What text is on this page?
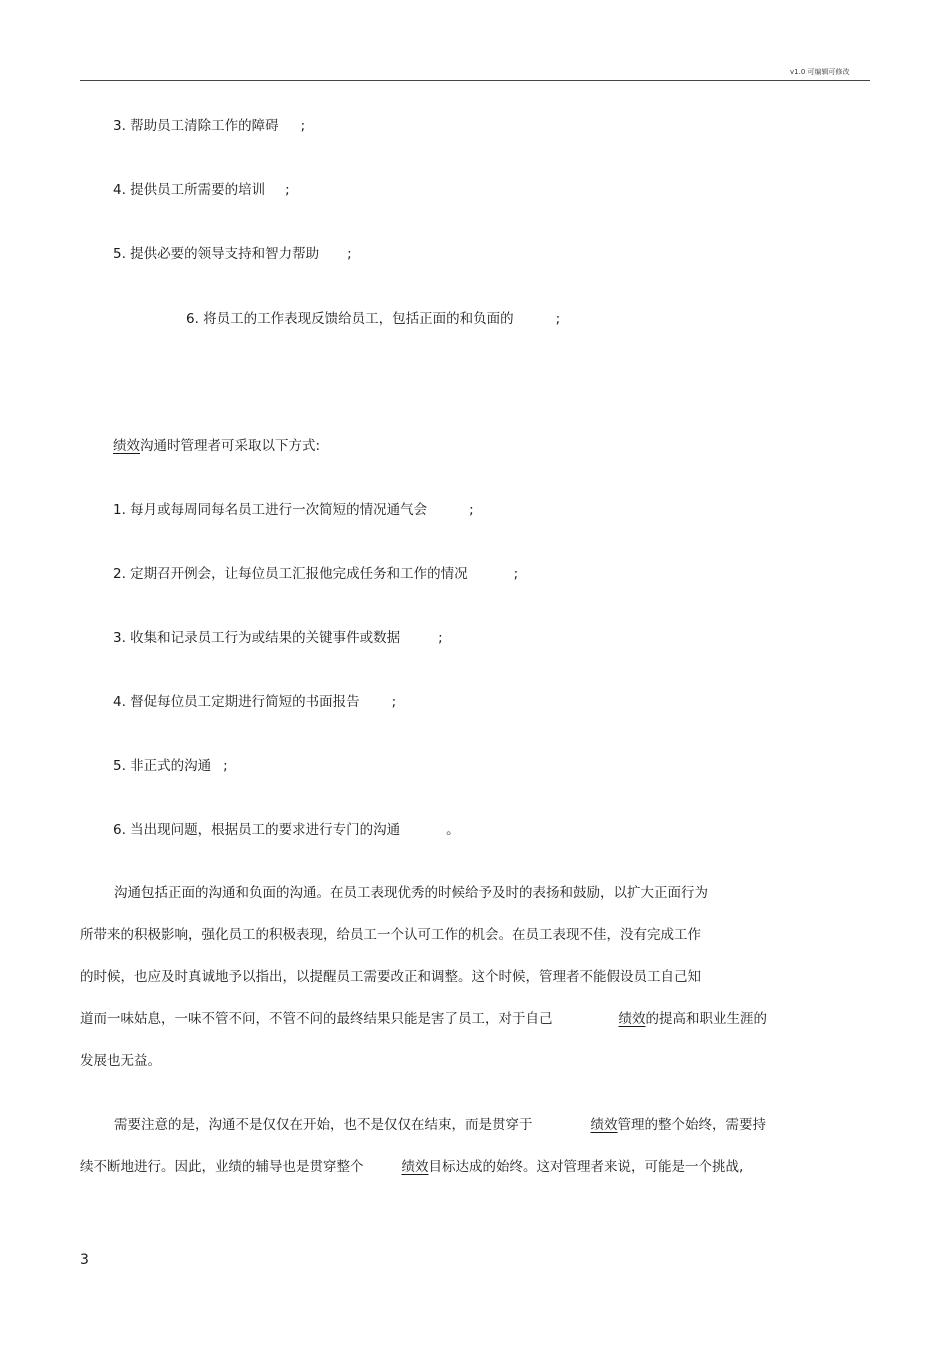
v1.0 可编辑可修改
3. 帮助员工清除工作的障碍 ;
4. 提供员工所需要的培训 ;
5. 提供必要的领导支持和智力帮助 ;
6. 将员工的工作表现反馈给员工，包括正面的和负面的	;
绩效沟通时管理者可采取以下方式:
1. 每月或每周同每名员工进行一次简短的情况通气会	;
2. 定期召开例会，让每位员工汇报他完成任务和工作的情况	;
3. 收集和记录员工行为或结果的关键事件或数据	;
4. 督促每位员工定期进行简短的书面报告 ;
5. 非正式的沟通 ;
6. 当出现问题，根据员工的要求进行专门的沟通	。
沟通包括正面的沟通和负面的沟通。在员工表现优秀的时候给予及时的表扬和鼓励，以扩大正面行为
所带来的积极影响，强化员工的积极表现，给员工一个认可工作的机会。在员工表现不佳，没有完成工作
的时候，也应及时真诚地予以指出，以提醒员工需要改正和调整。这个时候，管理者不能假设员工自己知
道而一味姑息，一味不管不问，不管不问的最终结果只能是害了员工，对于自己	绩效的提高和职业生涯的
发展也无益。
需要注意的是，沟通不是仅仅在开始，也不是仅仅在结束，而是贯穿于	绩效管理的整个始终，需要持
续不断地进行。因此，业绩的辅导也是贯穿整个	绩效目标达成的始终。这对管理者来说，可能是一个挑战,
3
